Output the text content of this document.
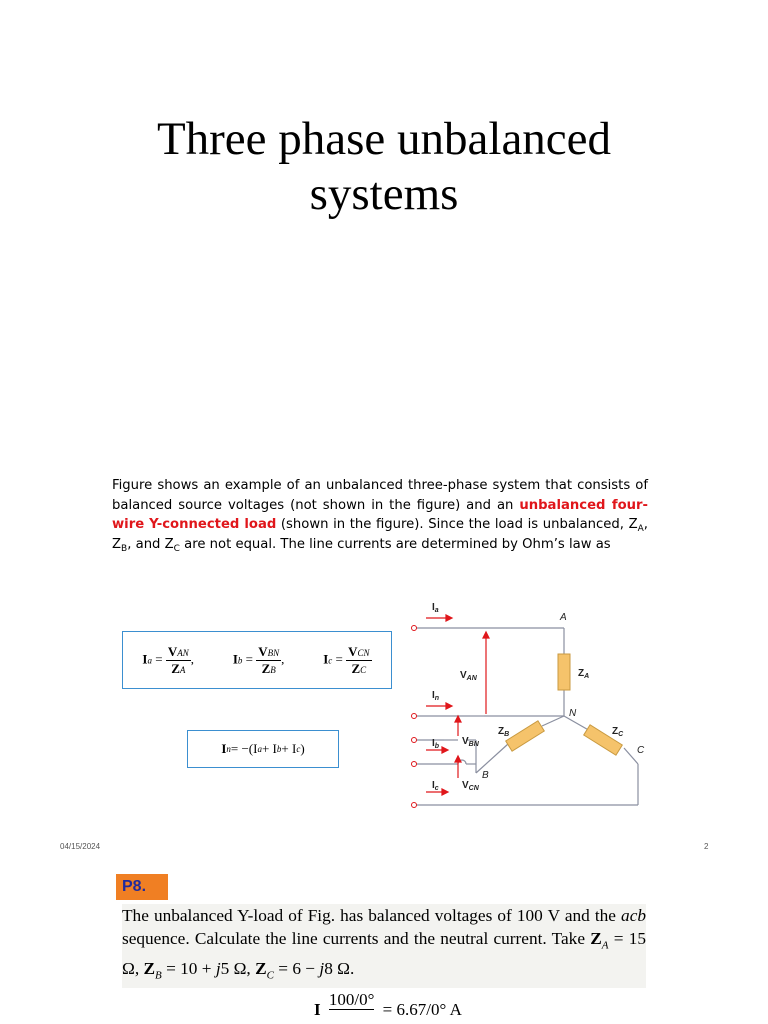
Three phase unbalanced
systems
Figure shows an example of an unbalanced three-phase system that consists of balanced source voltages (not shown in the figure) and an unbalanced four-wire Y-connected load (shown in the figure). Since the load is unbalanced, $Z_A$, $Z_B$, and $Z_C$ are not equal. The line currents are determined by Ohm’s law as
$Ia = \frac{\text{VAN}}{ZA}$ ,	$Ib = \frac{\text{VBN}}{ZB}$ ,	$Ic = \frac{\text{VCN}}{ZC}$
I n = −(I a + I b + I c )
$I_a$
$I_n$
$I_b$
$I_c$
A
N
B
C
$V_{AN}$
$V_{BN}$
$V_{CN}$
$Z_A$
$Z_B$	$Z_C$
04/15/2024	2
P8.
The unbalanced Y-load of Fig. has balanced voltages of 100 V and the acb sequence. Calculate the line currents and the neutral current. Take $Z_A = 15$ Ω, $Z_B = 10 + j5$ Ω, $Z_C = 6 - j8$ Ω.
I 100/0° = 6.67/0° A
